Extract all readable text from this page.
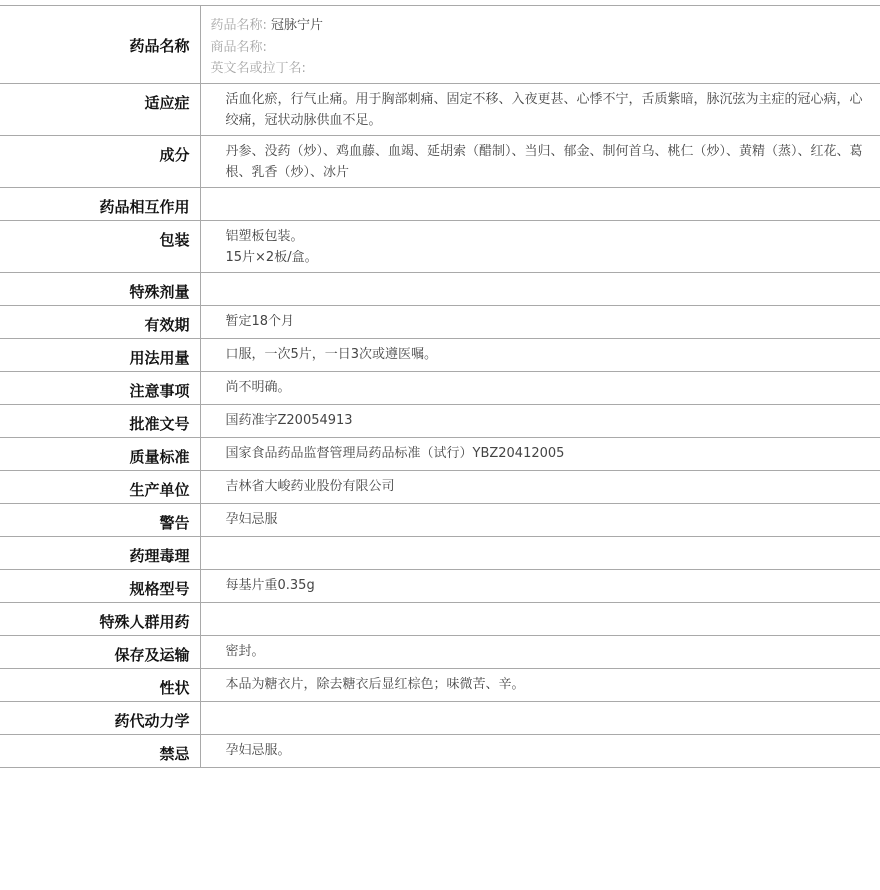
药品名称	药品名称: 冠脉宁片
商品名称:
英文名或拉丁名:

适应症	活血化瘀，行气止痛。用于胸部刺痛、固定不移、入夜更甚、心悸不宁，舌质紫暗，脉沉弦为主症的冠心病，心绞痛，冠状动脉供血不足。
成分	丹参、没药（炒）、鸡血藤、血竭、延胡索（醋制）、当归、郁金、制何首乌、桃仁（炒）、黄精（蒸）、红花、葛根、乳香（炒）、冰片
药品相互作用	
包装	铝塑板包装。
15片×2板/盒。

特殊剂量	
有效期	暂定18个月
用法用量	口服，一次5片，一日3次或遵医嘱。
注意事项	尚不明确。
批准文号	国药准字Z20054913
质量标准	国家食品药品监督管理局药品标准（试行）YBZ20412005
生产单位	吉林省大峻药业股份有限公司
警告	孕妇忌服
药理毒理	
规格型号	每基片重0.35g
特殊人群用药	
保存及运输	密封。
性状	本品为糖衣片，除去糖衣后显红棕色；味微苦、辛。
药代动力学	
禁忌	孕妇忌服。
